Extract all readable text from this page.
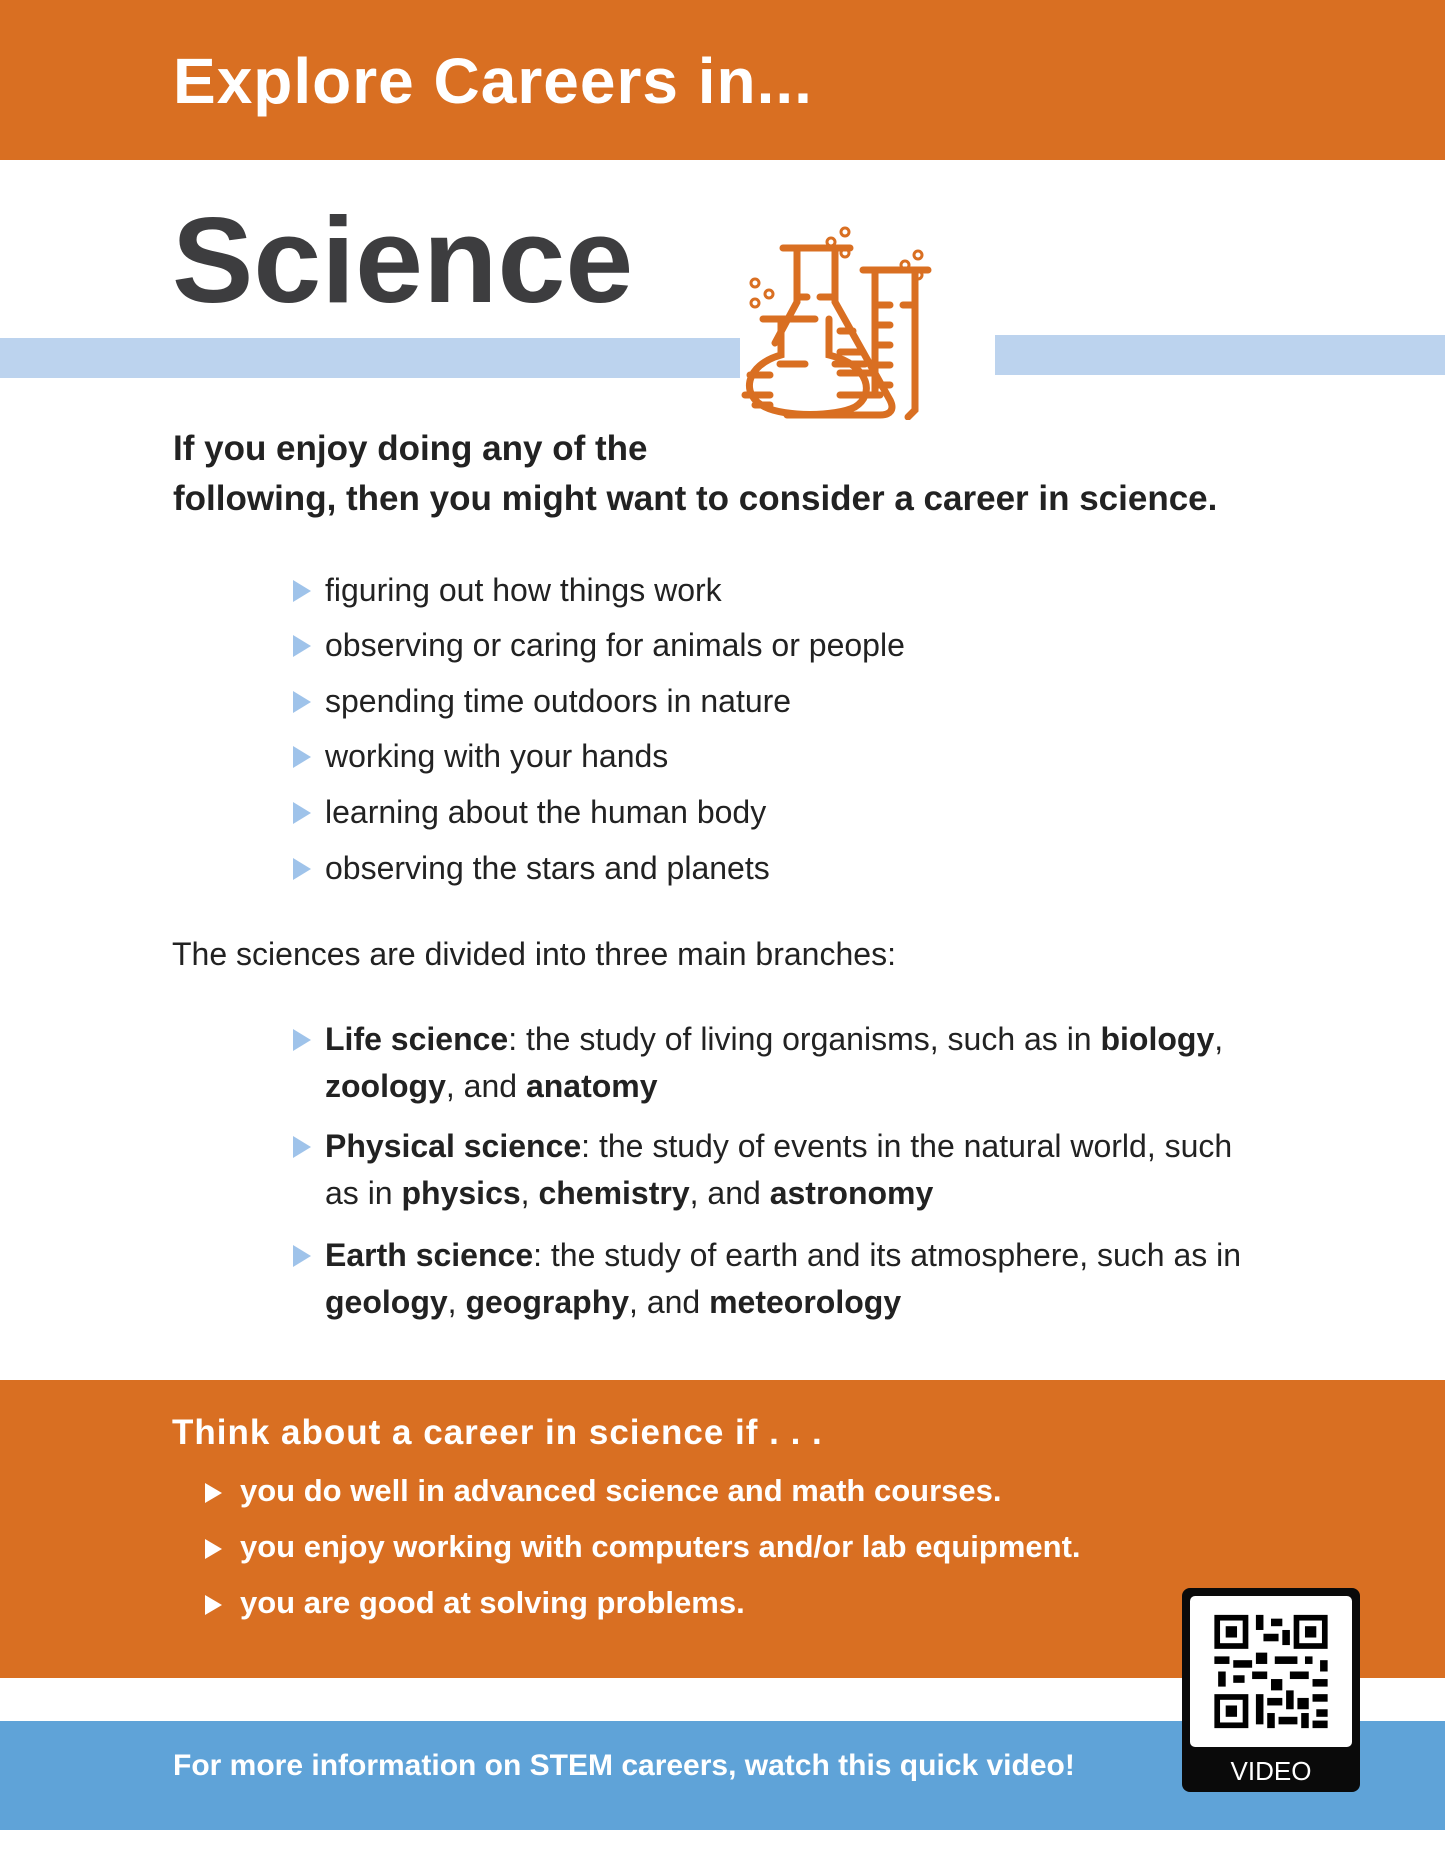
Explore Careers in...
Science
If you enjoy doing any of the
following, then you might want to consider a career in science.
figuring out how things work
observing or caring for animals or people
spending time outdoors in nature
working with your hands
learning about the human body
observing the stars and planets
The sciences are divided into three main branches:
Life science: the study of living organisms, such as in biology,
zoology, and anatomy
Physical science: the study of events in the natural world, such
as in physics, chemistry, and astronomy
Earth science: the study of earth and its atmosphere, such as in
geology, geography, and meteorology
Think about a career in science if . . .
you do well in advanced science and math courses.
you enjoy working with computers and/or lab equipment.
you are good at solving problems.
For more information on STEM careers, watch this quick video!	VIDEO
